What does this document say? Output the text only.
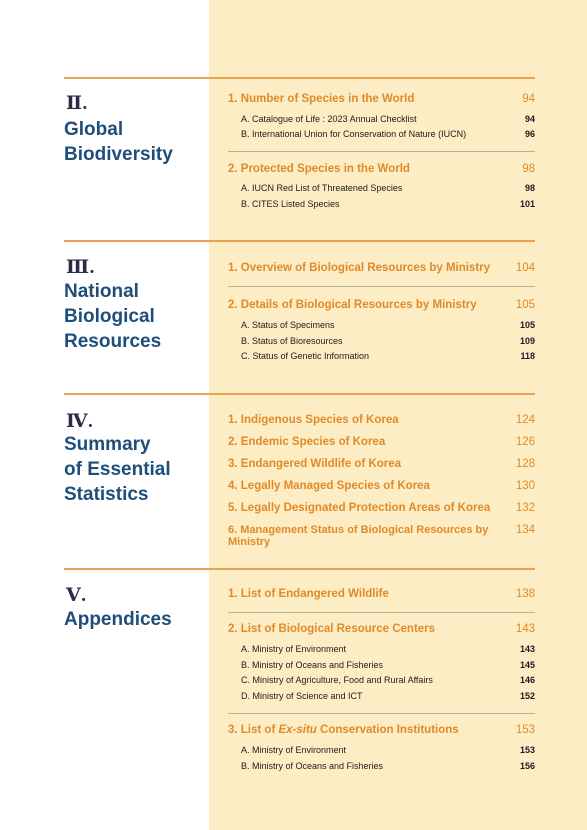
Ⅱ.
Global
Biodiversity
1. Number of Species in the World	94
A. Catalogue of Life : 2023 Annual Checklist	94
B. International Union for Conservation of Nature (IUCN)	96
2. Protected Species in the World	98
A. IUCN Red List of Threatened Species	98
B. CITES Listed Species	101
Ⅲ.
National
Biological
Resources
1. Overview of Biological Resources by Ministry 104
2. Details of Biological Resources by Ministry	105
A. Status of Specimens	105
B. Status of Bioresources	109
C. Status of Genetic Information	118
Ⅳ.
Summary
of Essential
Statistics
1. Indigenous Species of Korea	124
2. Endemic Species of Korea	126
3. Endangered Wildlife of Korea	128
4. Legally Managed Species of Korea	130
5. Legally Designated Protection Areas of Korea 132
6. Management Status of Biological Resources by Ministry
134
Ⅴ.
Appendices
1. List of Endangered Wildlife	138
2. List of Biological Resource Centers	143
A. Ministry of Environment	143
B. Ministry of Oceans and Fisheries	145
C. Ministry of Agriculture, Food and Rural Affairs	146
D. Ministry of Science and ICT	152
3. List of Ex-situ Conservation Institutions	153
A. Ministry of Environment	153
B. Ministry of Oceans and Fisheries	156
